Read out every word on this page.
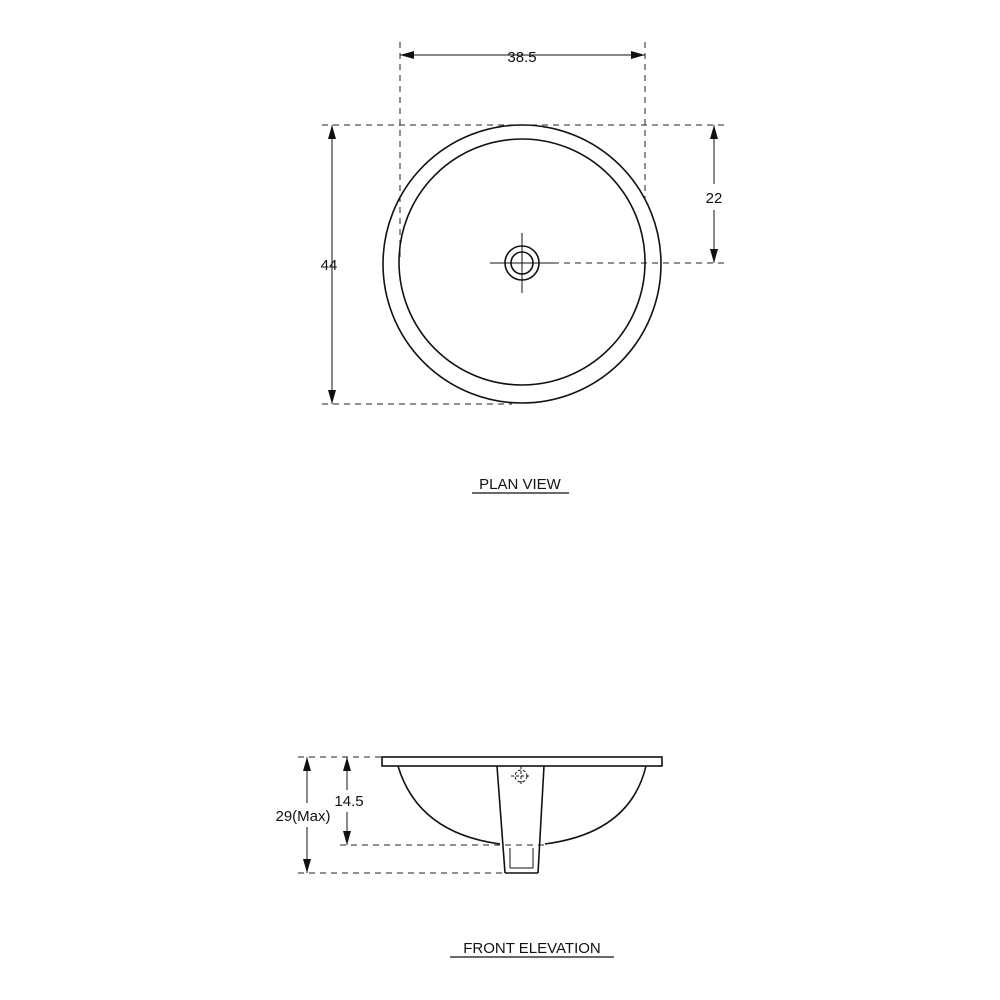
38.5
44
22
PLAN VIEW
29(Max)
14.5
FRONT ELEVATION
